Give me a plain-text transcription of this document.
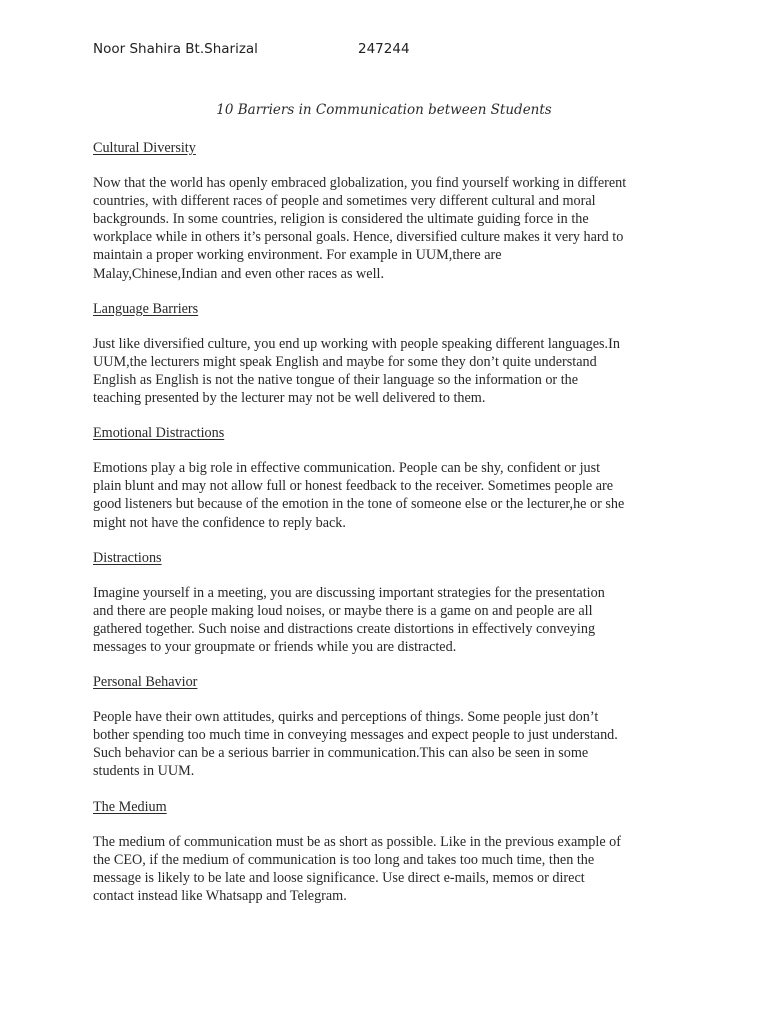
Noor Shahira Bt.Sharizal	247244
10 Barriers in Communication between Students
Cultural Diversity
Now that the world has openly embraced globalization, you find yourself working in different
countries, with different races of people and sometimes very different cultural and moral
backgrounds. In some countries, religion is considered the ultimate guiding force in the
workplace while in others it’s personal goals. Hence, diversified culture makes it very hard to
maintain a proper working environment. For example in UUM,there are
Malay,Chinese,Indian and even other races as well.
Language Barriers
Just like diversified culture, you end up working with people speaking different languages.In
UUM,the lecturers might speak English and maybe for some they don’t quite understand
English as English is not the native tongue of their language so the information or the
teaching presented by the lecturer may not be well delivered to them.
Emotional Distractions
Emotions play a big role in effective communication. People can be shy, confident or just
plain blunt and may not allow full or honest feedback to the receiver. Sometimes people are
good listeners but because of the emotion in the tone of someone else or the lecturer,he or she
might not have the confidence to reply back.
Distractions
Imagine yourself in a meeting, you are discussing important strategies for the presentation
and there are people making loud noises, or maybe there is a game on and people are all
gathered together. Such noise and distractions create distortions in effectively conveying
messages to your groupmate or friends while you are distracted.
Personal Behavior
People have their own attitudes, quirks and perceptions of things. Some people just don’t
bother spending too much time in conveying messages and expect people to just understand.
Such behavior can be a serious barrier in communication.This can also be seen in some
students in UUM.
The Medium
The medium of communication must be as short as possible. Like in the previous example of
the CEO, if the medium of communication is too long and takes too much time, then the
message is likely to be late and loose significance. Use direct e-mails, memos or direct
contact instead like Whatsapp and Telegram.
